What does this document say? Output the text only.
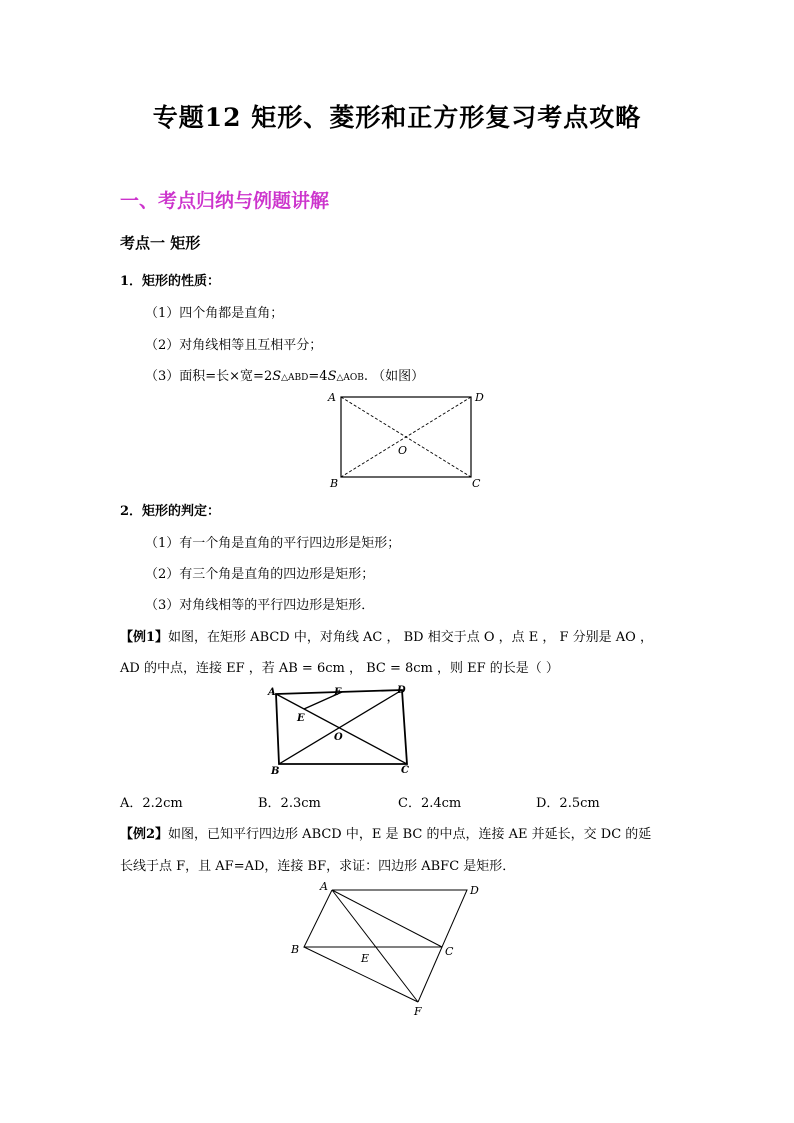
专题12 矩形、菱形和正方形复习考点攻略
一、考点归纳与例题讲解
考点一 矩形
1．矩形的性质：
（1）四个角都是直角；
（2）对角线相等且互相平分；
（3）面积=长×宽=2S△ABD=4S△AOB. （如图）
A	D
O
B	C
2．矩形的判定：
（1）有一个角是直角的平行四边形是矩形；
（2）有三个角是直角的四边形是矩形；
（3）对角线相等的平行四边形是矩形．
【例1】如图，在矩形 ABCD 中，对角线 AC ， BD 相交于点 O ，点 E ， F 分别是 AO ，
AD 的中点，连接 EF ，若 AB = 6cm ， BC = 8cm ，则 EF 的长是（ ）
A	F	D
E
O
B	C
A．2.2cm	B．2.3cm	C．2.4cm	D．2.5cm
【例2】如图，已知平行四边形 ABCD 中，E 是 BC 的中点，连接 AE 并延长，交 DC 的延
长线于点 F，且 AF=AD，连接 BF，求证：四边形 ABFC 是矩形．
A	D
B	C
E
F
